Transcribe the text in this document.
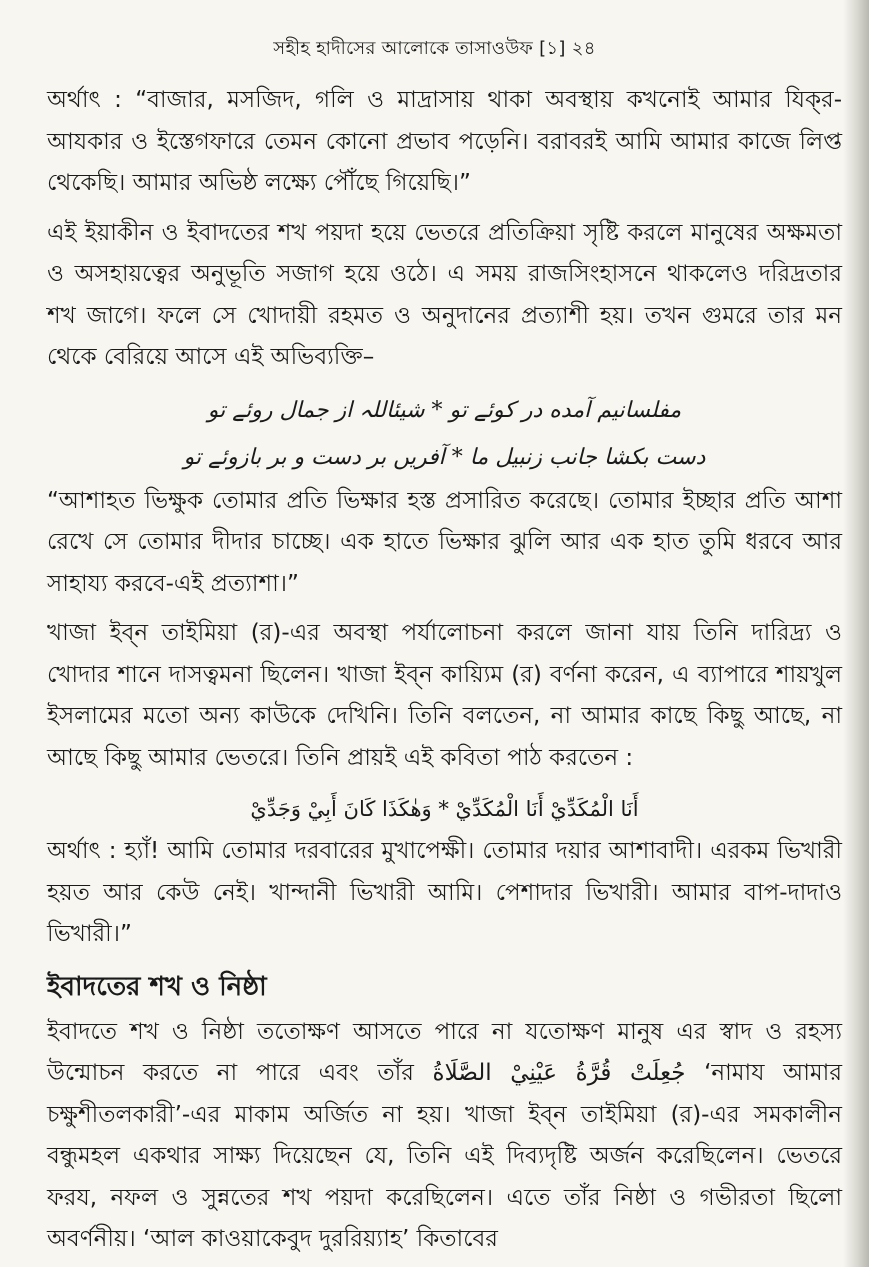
সহীহ হাদীসের আলোকে তাসাওউফ [১] ২৪

অর্থাৎ : “বাজার, মসজিদ, গলি ও মাদ্রাসায় থাকা অবস্থায় কখনোই আমার যিক্‌র-আযকার ও ইস্তেগফারে তেমন কোনো প্রভাব পড়েনি। বরাবরই আমি আমার কাজে লিপ্ত থেকেছি। আমার অভিষ্ঠ লক্ষ্যে পৌঁছে গিয়েছি।”

এই ইয়াকীন ও ইবাদতের শখ পয়দা হয়ে ভেতরে প্রতিক্রিয়া সৃষ্টি করলে মানুষের অক্ষমতা ও অসহায়ত্বের অনুভূতি সজাগ হয়ে ওঠে। এ সময় রাজসিংহাসনে থাকলেও দরিদ্রতার শখ জাগে। ফলে সে খোদায়ী রহমত ও অনুদানের প্রত্যাশী হয়। তখন গুমরে তার মন থেকে বেরিয়ে আসে এই অভিব্যক্তি–

مفلسانیم آمده در کوئے تو * شیئاللہ از جمال روئے تو
دست بکشا جانب زنبیل ما * آفریں بر دست و بر بازوئے تو

“আশাহত ভিক্ষুক তোমার প্রতি ভিক্ষার হস্ত প্রসারিত করেছে। তোমার ইচ্ছার প্রতি আশা রেখে সে তোমার দীদার চাচ্ছে। এক হাতে ভিক্ষার ঝুলি আর এক হাত তুমি ধরবে আর সাহায্য করবে-এই প্রত্যাশা।”

খাজা ইব্‌ন তাইমিয়া (র)-এর অবস্থা পর্যালোচনা করলে জানা যায় তিনি দারিদ্র্য ও খোদার শানে দাসত্বমনা ছিলেন। খাজা ইব্‌ন কায়্যিম (র) বর্ণনা করেন, এ ব্যাপারে শায়খুল ইসলামের মতো অন্য কাউকে দেখিনি। তিনি বলতেন, না আমার কাছে কিছু আছে, না আছে কিছু আমার ভেতরে। তিনি প্রায়ই এই কবিতা পাঠ করতেন :

أَنَا الْمُكَدِّيْ أَنَا الْمُكَدِّيْ * وَهٰكَذَا كَانَ أَبِيْ وَجَدِّيْ

অর্থাৎ : হ্যাঁ! আমি তোমার দরবারের মুখাপেক্ষী। তোমার দয়ার আশাবাদী। এরকম ভিখারী হয়ত আর কেউ নেই। খান্দানী ভিখারী আমি। পেশাদার ভিখারী। আমার বাপ-দাদাও ভিখারী।”

ইবাদতের শখ ও নিষ্ঠা

ইবাদতে শখ ও নিষ্ঠা ততোক্ষণ আসতে পারে না যতোক্ষণ মানুষ এর স্বাদ ও রহস্য উন্মোচন করতে না পারে এবং তাঁর جُعِلَتْ قُرَّةُ عَيْنِيْ الصَّلَاةُ ‘নামায আমার চক্ষুশীতলকারী’-এর মাকাম অর্জিত না হয়। খাজা ইব্‌ন তাইমিয়া (র)-এর সমকালীন বন্ধুমহল একথার সাক্ষ্য দিয়েছেন যে, তিনি এই দিব্যদৃষ্টি অর্জন করেছিলেন। ভেতরে ফরয, নফল ও সুন্নতের শখ পয়দা করেছিলেন। এতে তাঁর নিষ্ঠা ও গভীরতা ছিলো অবর্ণনীয়। ‘আল কাওয়াকেবুদ দুররিয়্যাহ’ কিতাবের
